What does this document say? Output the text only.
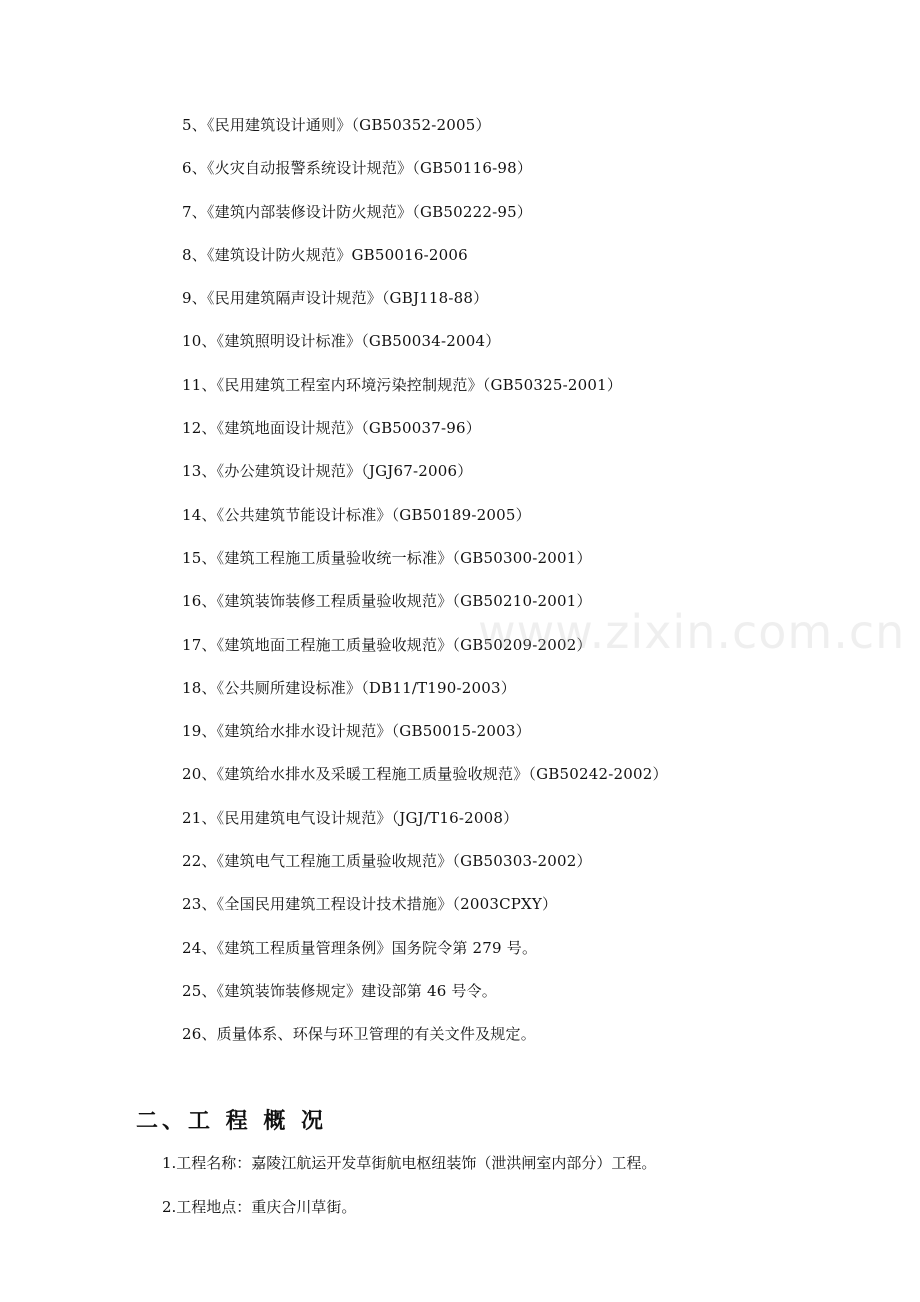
5、《民用建筑设计通则》（GB50352-2005）
6、《火灾自动报警系统设计规范》（GB50116-98）
7、《建筑内部装修设计防火规范》（GB50222-95）
8、《建筑设计防火规范》GB50016-2006
9、《民用建筑隔声设计规范》（GBJ118-88）
10、《建筑照明设计标准》（GB50034-2004）
11、《民用建筑工程室内环境污染控制规范》（GB50325-2001）
12、《建筑地面设计规范》（GB50037-96）
13、《办公建筑设计规范》（JGJ67-2006）
14、《公共建筑节能设计标准》（GB50189-2005）
15、《建筑工程施工质量验收统一标准》（GB50300-2001）
16、《建筑装饰装修工程质量验收规范》（GB50210-2001）
17、《建筑地面工程施工质量验收规范》（GB50209-2002）
18、《公共厕所建设标准》（DB11/T190-2003）
19、《建筑给水排水设计规范》（GB50015-2003）
20、《建筑给水排水及采暖工程施工质量验收规范》（GB50242-2002）
21、《民用建筑电气设计规范》（JGJ/T16-2008）
22、《建筑电气工程施工质量验收规范》（GB50303-2002）
23、《全国民用建筑工程设计技术措施》（2003CPXY）
24、《建筑工程质量管理条例》国务院令第 279 号。
25、《建筑装饰装修规定》建设部第 46 号令。
26、质量体系、环保与环卫管理的有关文件及规定。
www.zixin.com.cn
二、工 程 概 况
1.工程名称：嘉陵江航运开发草街航电枢纽装饰（泄洪闸室内部分）工程。
2.工程地点：重庆合川草街。
